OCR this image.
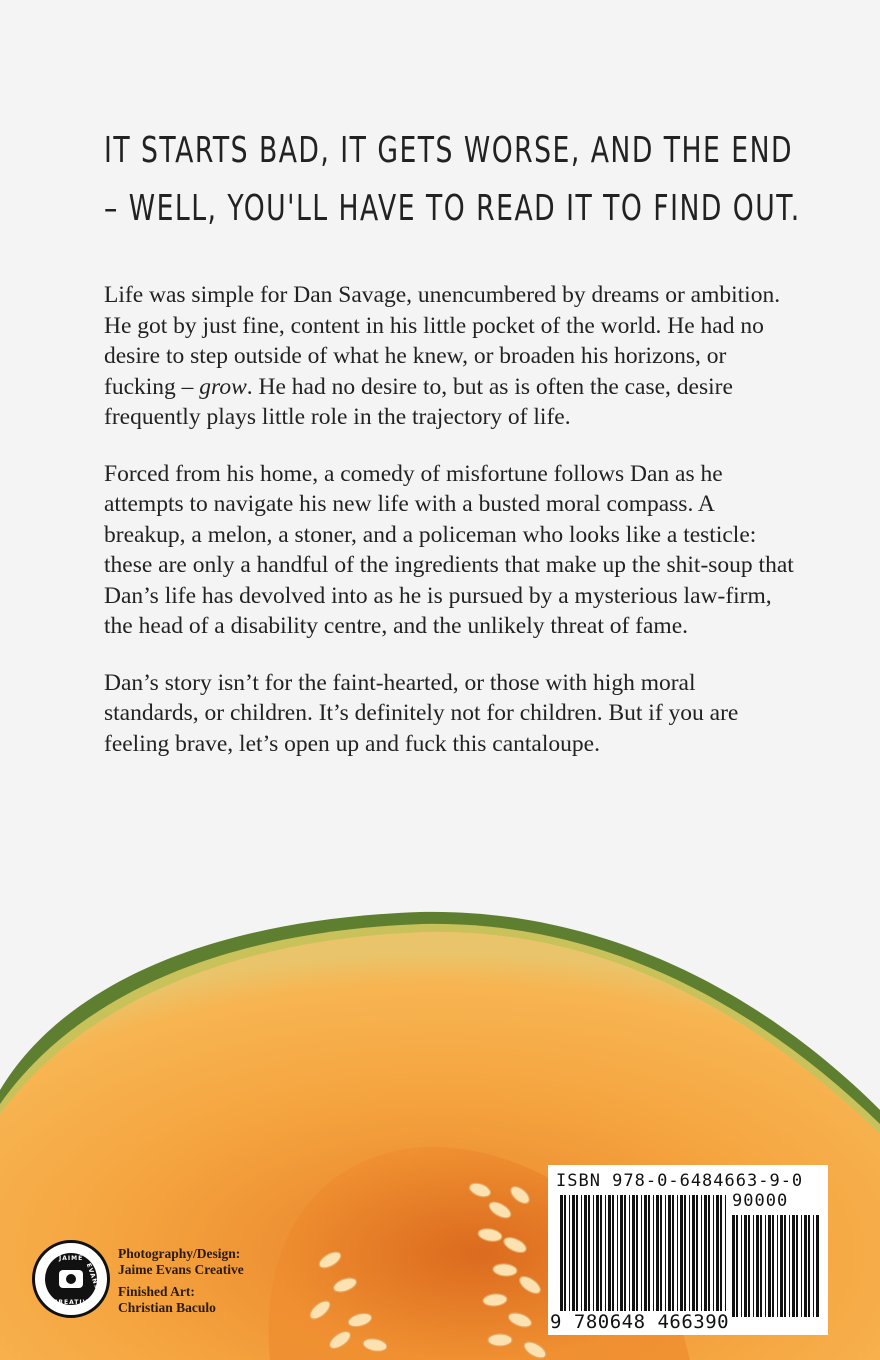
IT STARTS BAD, IT GETS WORSE, AND THE END
– WELL, YOU'LL HAVE TO READ IT TO FIND OUT.

Life was simple for Dan Savage, unencumbered by dreams or ambition. He got by just fine, content in his little pocket of the world. He had no desire to step outside of what he knew, or broaden his horizons, or fucking – grow. He had no desire to, but as is often the case, desire frequently plays little role in the trajectory of life.

Forced from his home, a comedy of misfortune follows Dan as he attempts to navigate his new life with a busted moral compass. A breakup, a melon, a stoner, and a policeman who looks like a testicle: these are only a handful of the ingredients that make up the shit-soup that Dan’s life has devolved into as he is pursued by a mysterious law-firm, the head of a disability centre, and the unlikely threat of fame.

Dan’s story isn’t for the faint-hearted, or those with high moral standards, or children. It’s definitely not for children. But if you are feeling brave, let’s open up and fuck this cantaloupe.

JAIME
EVANS
CREATIVE
Photography/Design:
Jaime Evans Creative
Finished Art:
Christian Baculo
ISBN 978-0-6484663-9-0
90000
9 780648 466390
